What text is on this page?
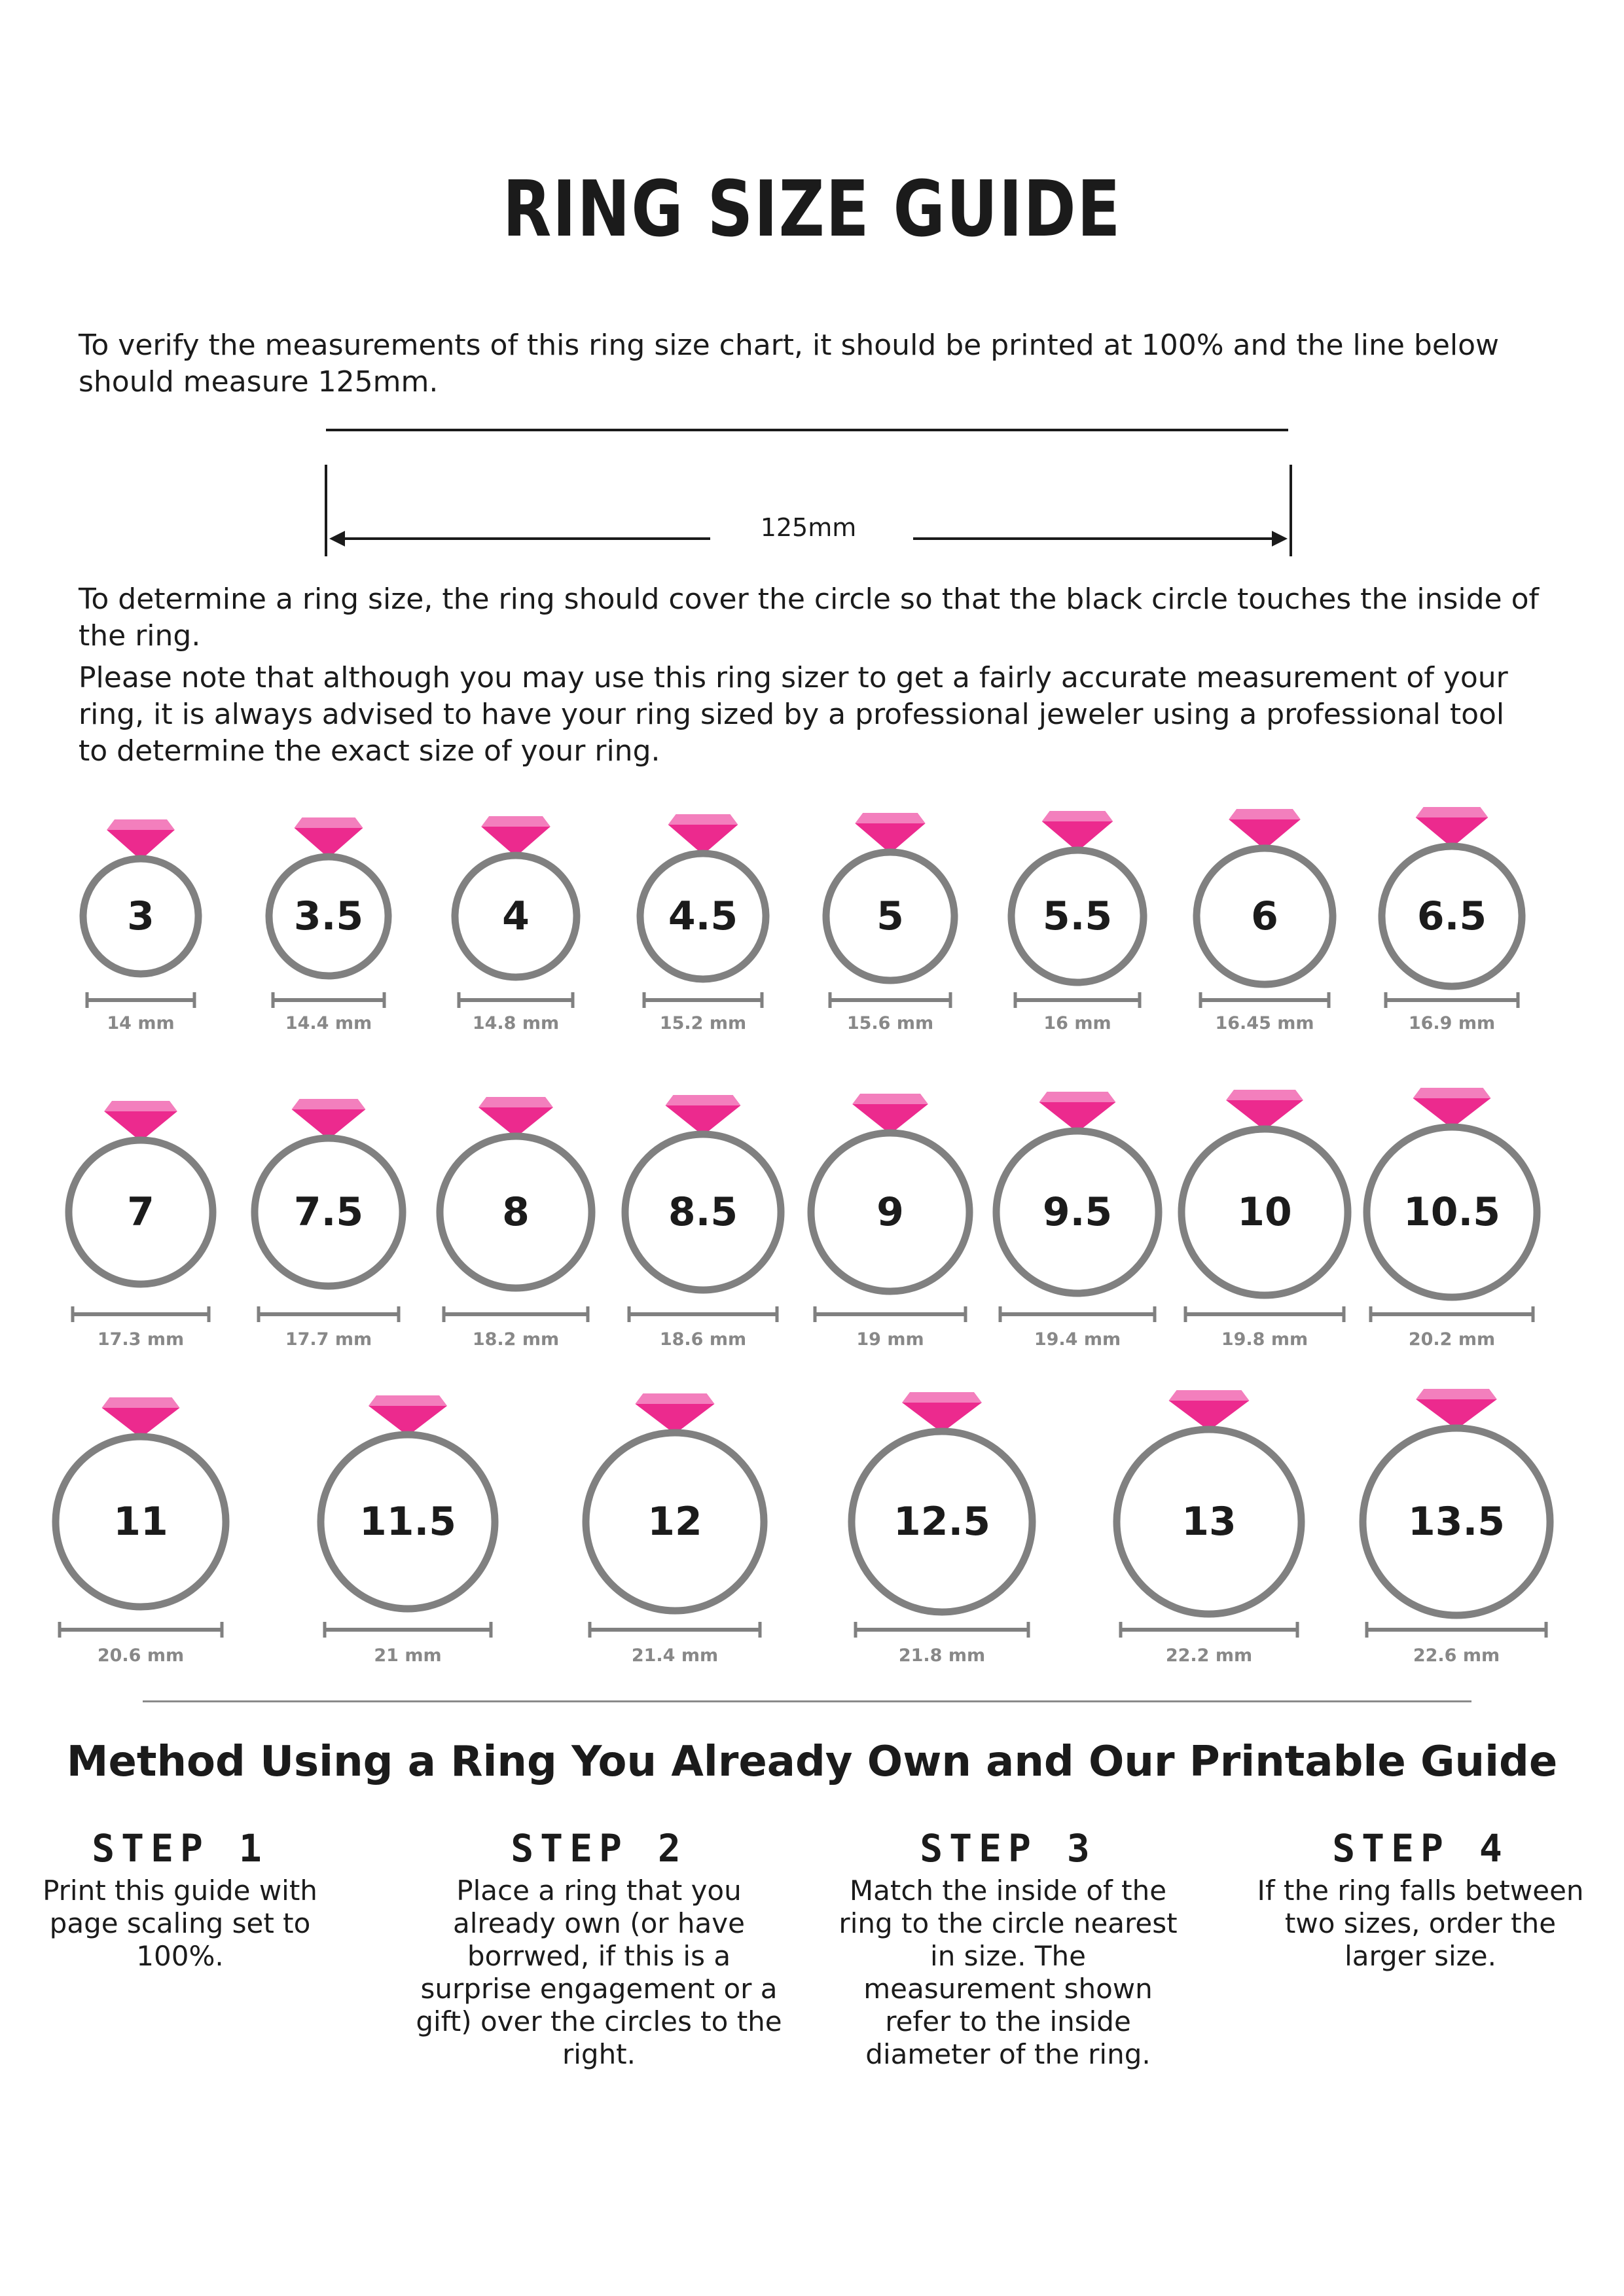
RING SIZE GUIDE

To verify the measurements of this ring size chart, it should be printed at 100% and the line below should measure 125mm.

125mm

To determine a ring size, the ring should cover the circle so that the black circle touches the inside of the ring.

Please note that although you may use this ring sizer to get a fairly accurate measurement of your ring, it is always advised to have your ring sized by a professional jeweler using a professional tool to determine the exact size of your ring.

3
14 mm
3.5
14.4 mm
4
14.8 mm
4.5
15.2 mm
5
15.6 mm
5.5
16 mm
6
16.45 mm
6.5
16.9 mm
7
17.3 mm
7.5
17.7 mm
8
18.2 mm
8.5
18.6 mm
9
19 mm
9.5
19.4 mm
10
19.8 mm
10.5
20.2 mm
11
20.6 mm
11.5
21 mm
12
21.4 mm
12.5
21.8 mm
13
22.2 mm
13.5
22.6 mm
Method Using a Ring You Already Own and Our Printable Guide
STEP 1
Print this guide with page scaling set to 100%.
STEP 2
Place a ring that you already own (or have borrwed, if this is a surprise engagement or a gift) over the circles to the right.
STEP 3
Match the inside of the ring to the circle nearest in size. The measurement shown refer to the inside diameter of the ring.
STEP 4
If the ring falls between two sizes, order the larger size.
